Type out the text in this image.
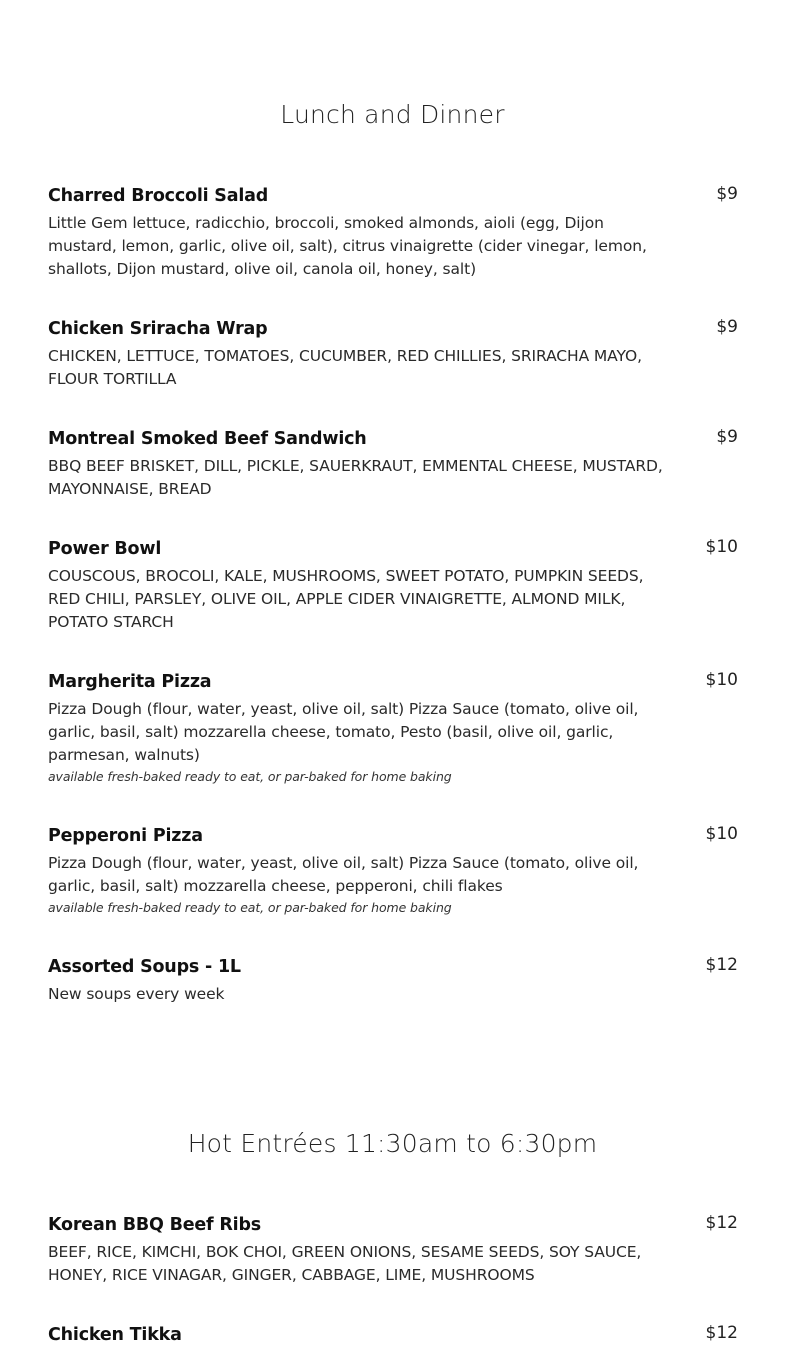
Lunch and Dinner
Charred Broccoli Salad	$9
Little Gem lettuce, radicchio, broccoli, smoked almonds, aioli (egg, Dijon mustard, lemon, garlic, olive oil, salt), citrus vinaigrette (cider vinegar, lemon, shallots, Dijon mustard, olive oil, canola oil, honey, salt)
Chicken Sriracha Wrap	$9
CHICKEN, LETTUCE, TOMATOES, CUCUMBER, RED CHILLIES, SRIRACHA MAYO, FLOUR TORTILLA
Montreal Smoked Beef Sandwich	$9
BBQ BEEF BRISKET, DILL, PICKLE, SAUERKRAUT, EMMENTAL CHEESE, MUSTARD, MAYONNAISE, BREAD
Power Bowl	$10
COUSCOUS, BROCOLI, KALE, MUSHROOMS, SWEET POTATO, PUMPKIN SEEDS, RED CHILI, PARSLEY, OLIVE OIL, APPLE CIDER VINAIGRETTE, ALMOND MILK, POTATO STARCH
Margherita Pizza	$10
Pizza Dough (flour, water, yeast, olive oil, salt) Pizza Sauce (tomato, olive oil, garlic, basil, salt) mozzarella cheese, tomato, Pesto (basil, olive oil, garlic, parmesan, walnuts)
available fresh-baked ready to eat, or par-baked for home baking
Pepperoni Pizza	$10
Pizza Dough (flour, water, yeast, olive oil, salt) Pizza Sauce (tomato, olive oil, garlic, basil, salt) mozzarella cheese, pepperoni, chili flakes
available fresh-baked ready to eat, or par-baked for home baking
Assorted Soups - 1L	$12
New soups every week
Hot Entrées 11:30am to 6:30pm
Korean BBQ Beef Ribs	$12
BEEF, RICE, KIMCHI, BOK CHOI, GREEN ONIONS, SESAME SEEDS, SOY SAUCE, HONEY, RICE VINAGAR, GINGER, CABBAGE, LIME, MUSHROOMS
Chicken Tikka	$12
